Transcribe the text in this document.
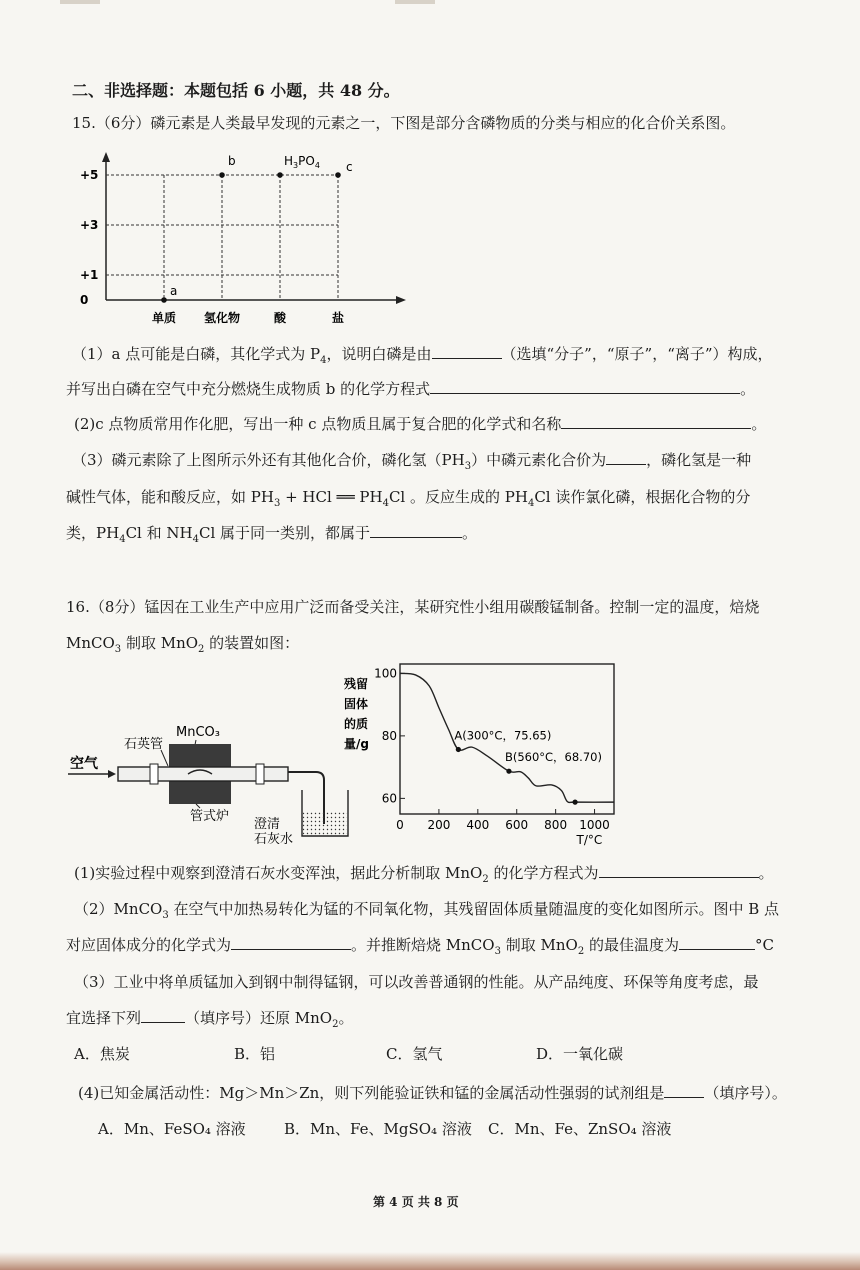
二、非选择题：本题包括 6 小题，共 48 分。
15.（6分）磷元素是人类最早发现的元素之一，下图是部分含磷物质的分类与相应的化合价关系图。
+5
+3
+1
0
单质 氢化物	酸	盐
a
b	$H_3PO_4$ c
（1）a 点可能是白磷，其化学式为 $P_4$，说明白磷是由	（选填“分子”，“原子”，“离子”）构成，
并写出白磷在空气中充分燃烧生成物质 b 的化学方程式	。
(2)c 点物质常用作化肥，写出一种 c 点物质且属于复合肥的化学式和名称	。
（3）磷元素除了上图所示外还有其他化合价，磷化氢$(PH_3)$中磷元素化合价为	，磷化氢是一种
碱性气体，能和酸反应，如 $PH_3$ + HCl ══ $PH_4Cl$ 。反应生成的 $PH_4Cl$ 读作氯化磷，根据化合物的分
类，$PH_4Cl$ 和 $NH_4Cl$ 属于同一类别，都属于	。
16.（8分）锰因在工业生产中应用广泛而备受关注，某研究性小组用碳酸锰制备。控制一定的温度，焙烧
MnCO$_3$ 制取 MnO$_2$ 的装置如图：
石英管
MnCO₃
空气
管式炉
澄清
石灰水
残留
固体
的质
量/g
60
80
100
0 200 400 600 800 1000
A(300°C，75.65)
B(560°C，68.70)
T/°C
(1)实验过程中观察到澄清石灰水变浑浊，据此分析制取 MnO$_2$ 的化学方程式为	。
（2）MnCO$_3$ 在空气中加热易转化为锰的不同氧化物，其残留固体质量随温度的变化如图所示。图中 B 点
对应固体成分的化学式为	。并推断焙烧 MnCO$_3$ 制取 MnO$_2$ 的最佳温度为	°C
（3）工业中将单质锰加入到钢中制得锰钢，可以改善普通钢的性能。从产品纯度、环保等角度考虑，最
宜选择下列	（填序号）还原 MnO$_2$。
A．焦炭	B．铝	C．氢气	D．一氧化碳
(4)已知金属活动性：Mg＞Mn＞Zn，则下列能验证铁和锰的金属活动性强弱的试剂组是	（填序号）。
A．Mn、FeSO₄ 溶液	B．Mn、Fe、MgSO₄ 溶液 C．Mn、Fe、ZnSO₄ 溶液
第 4 页 共 8 页
